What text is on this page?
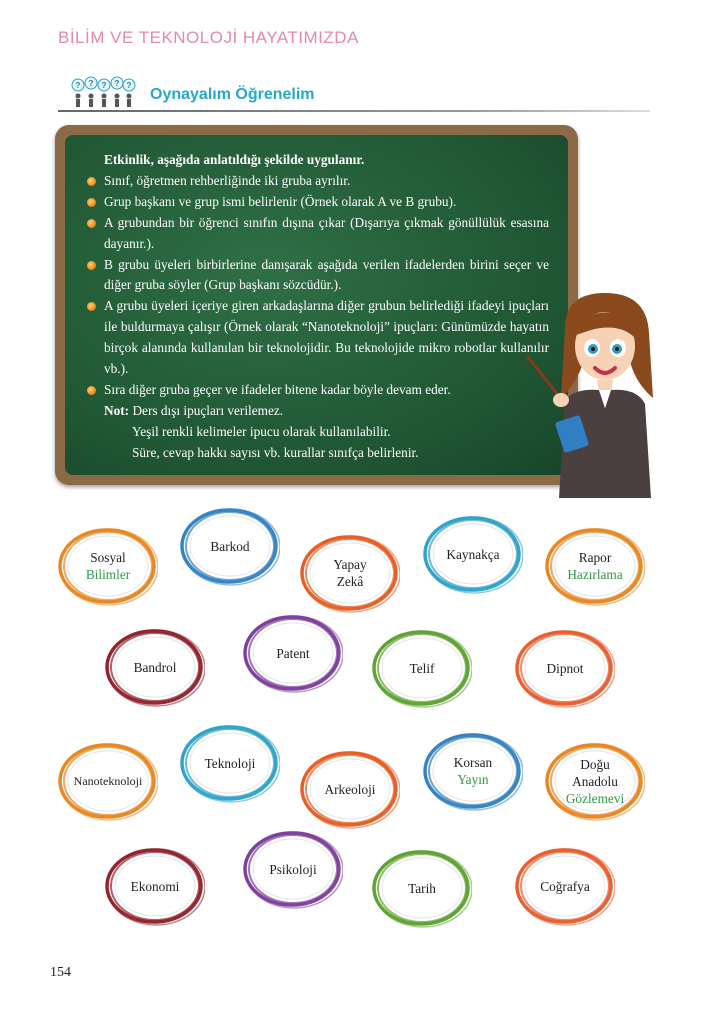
BİLİM VE TEKNOLOJİ HAYATIMIZDA
? ? ? ? ?
Oynayalım Öğrenelim

Etkinlik, aşağıda anlatıldığı şekilde uygulanır.

Sınıf, öğretmen rehberliğinde iki gruba ayrılır.

Grup başkanı ve grup ismi belirlenir (Örnek olarak A ve B grubu).

A grubundan bir öğrenci sınıfın dışına çıkar (Dışarıya çıkmak gönüllülük esasına dayanır.).

B grubu üyeleri birbirlerine danışarak aşağıda verilen ifadelerden birini seçer ve diğer gruba söyler (Grup başkanı sözcüdür.).

A grubu üyeleri içeriye giren arkadaşlarına diğer grubun belirlediği ifadeyi ipuçları ile buldurmaya çalışır (Örnek olarak “Nanoteknoloji” ipuçları: Günümüzde hayatın birçok alanında kullanılan bir teknolojidir. Bu teknolojide mikro robotlar kullanılır vb.).

Sıra diğer gruba geçer ve ifadeler bitene kadar böyle devam eder.

Not: Ders dışı ipuçları verilemez.

Yeşil renkli kelimeler ipucu olarak kullanılabilir.

Süre, cevap hakkı sayısı vb. kurallar sınıfça belirlenir.

Sosyal
Bilimler
Barkod
Yapay
Zekâ
Kaynakça	Rapor
Hazırlama
Bandrol
Patent
Telif	Dipnot
Nanoteknoloji
Teknoloji
Arkeoloji
Korsan
Yayın
Doğu
Anadolu
Gözlemevi
Ekonomi
Psikoloji
Tarih	Coğrafya
154
